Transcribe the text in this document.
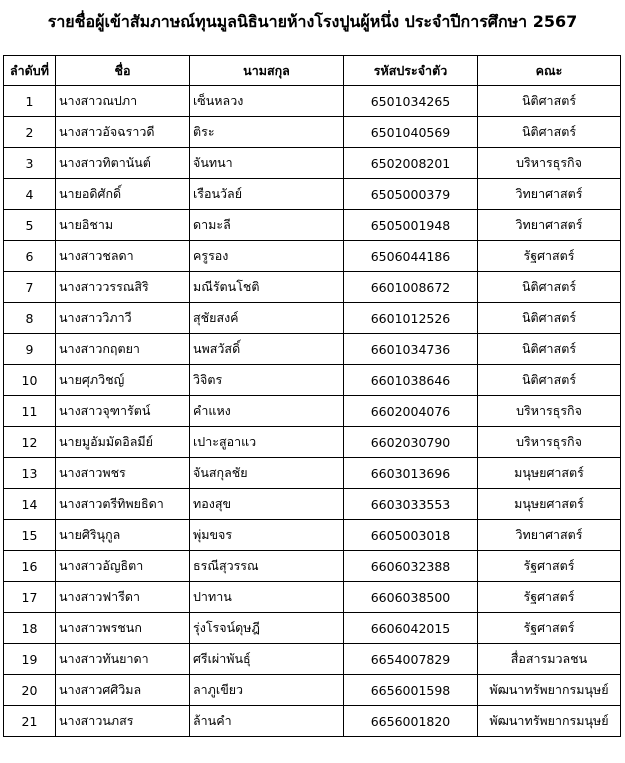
รายชื่อผู้เข้าสัมภาษณ์ทุนมูลนิธินายห้างโรงปูนผู้หนึ่ง ประจำปีการศึกษา 2567
ลำดับที่	ชื่อ	นามสกุล	รหัสประจำตัว	คณะ
1	นางสาวณปภา	เซ็นหลวง	6501034265	นิติศาสตร์
2	นางสาวอัจฉราวดี	ติระ	6501040569	นิติศาสตร์
3	นางสาวทิตานันต์	จันทนา	6502008201	บริหารธุรกิจ
4	นายอดิศักดิ์	เรือนวัลย์	6505000379	วิทยาศาสตร์
5	นายอิชาม	ดามะลี	6505001948	วิทยาศาสตร์
6	นางสาวชลดา	ครูรอง	6506044186	รัฐศาสตร์
7	นางสาววรรณสิริ	มณีรัตนโชติ	6601008672	นิติศาสตร์
8	นางสาววิภาวี	สุชัยสงค์	6601012526	นิติศาสตร์
9	นางสาวกฤตยา	นพสวัสดิ์	6601034736	นิติศาสตร์
10	นายศุภวิชญ์	วิจิตร	6601038646	นิติศาสตร์
11	นางสาวจุฑารัตน์	คำแหง	6602004076	บริหารธุรกิจ
12	นายมูอัมมัดอิลมีย์	เปาะสูอาแว	6602030790	บริหารธุรกิจ
13	นางสาวพชร	จันสกุลชัย	6603013696	มนุษยศาสตร์
14	นางสาวตรีทิพยธิดา	ทองสุข	6603033553	มนุษยศาสตร์
15	นายศิรินุกูล	พุ่มขจร	6605003018	วิทยาศาสตร์
16	นางสาวอัญธิตา	ธรณีสุวรรณ	6606032388	รัฐศาสตร์
17	นางสาวฟารีดา	ปาทาน	6606038500	รัฐศาสตร์
18	นางสาวพรชนก	รุ่งโรจน์ดุษฎี	6606042015	รัฐศาสตร์
19	นางสาวทันยาดา	ศรีเผ่าพันธุ์	6654007829	สื่อสารมวลชน
20	นางสาวศศิวิมล	ลาภูเขียว	6656001598	พัฒนาทรัพยากรมนุษย์
21	นางสาวนภสร	ล้านคำ	6656001820	พัฒนาทรัพยากรมนุษย์
